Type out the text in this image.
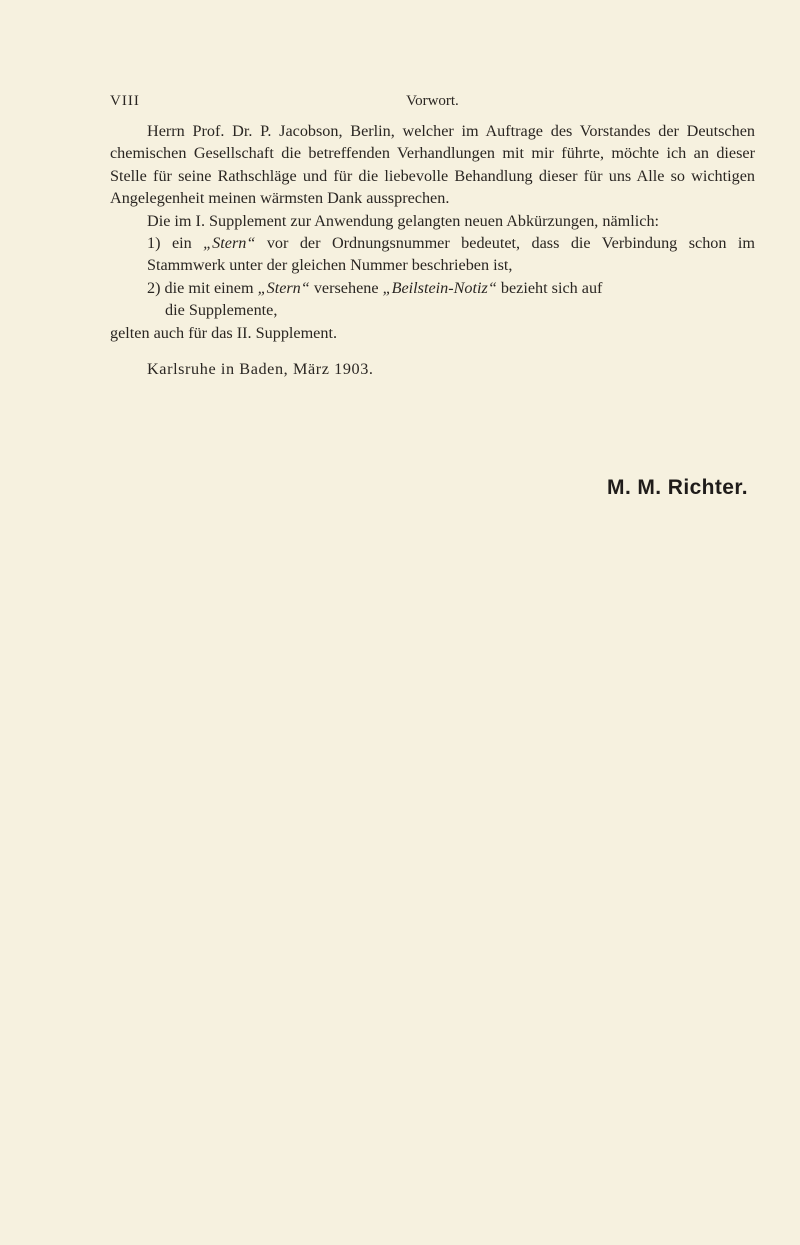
VIII	Vorwort.

Herrn Prof. Dr. P. Jacobson, Berlin, welcher im Auftrage des Vorstandes der Deutschen chemischen Gesellschaft die betreffenden Verhandlungen mit mir führte, möchte ich an dieser Stelle für seine Rathschläge und für die liebevolle Behandlung dieser für uns Alle so wichtigen Angelegenheit meinen wärmsten Dank aussprechen.

Die im I. Supplement zur Anwendung gelangten neuen Abkürzungen, nämlich:

1) ein „Stern“ vor der Ordnungsnummer bedeutet, dass die Verbindung schon im Stammwerk unter der gleichen Nummer beschrieben ist,

2) die mit einem „Stern“ versehene „Beilstein-Notiz“ bezieht sich auf

die Supplemente,

gelten auch für das II. Supplement.

Karlsruhe in Baden, März 1903.

M. M. Richter.
